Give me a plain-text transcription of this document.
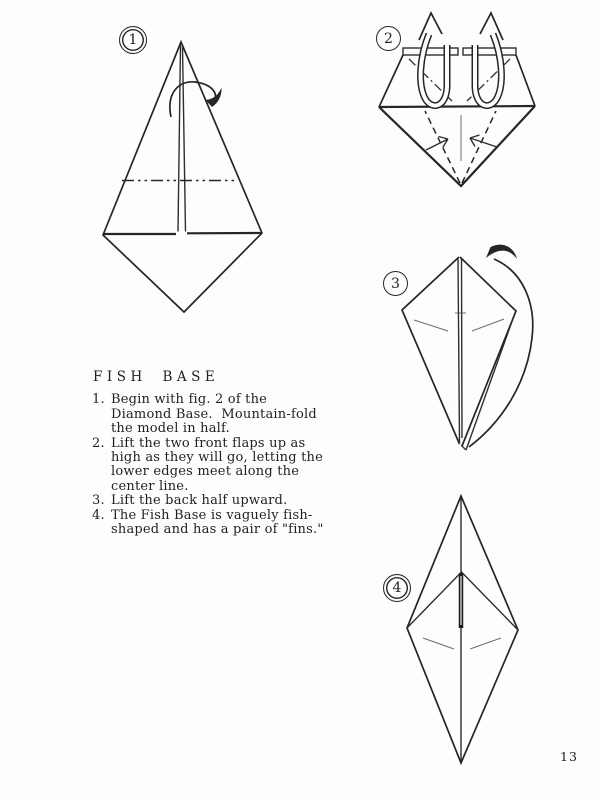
1	2
3
4
FISH BASE

1. Begin with fig. 2 of the Diamond Base.  Mountain-fold the model in half.

2. Lift the two front flaps up as high as they will go, letting the lower edges meet along the center line.

3. Lift the back half upward.

4. The Fish Base is vaguely fish-shaped and has a pair of "fins."

13
